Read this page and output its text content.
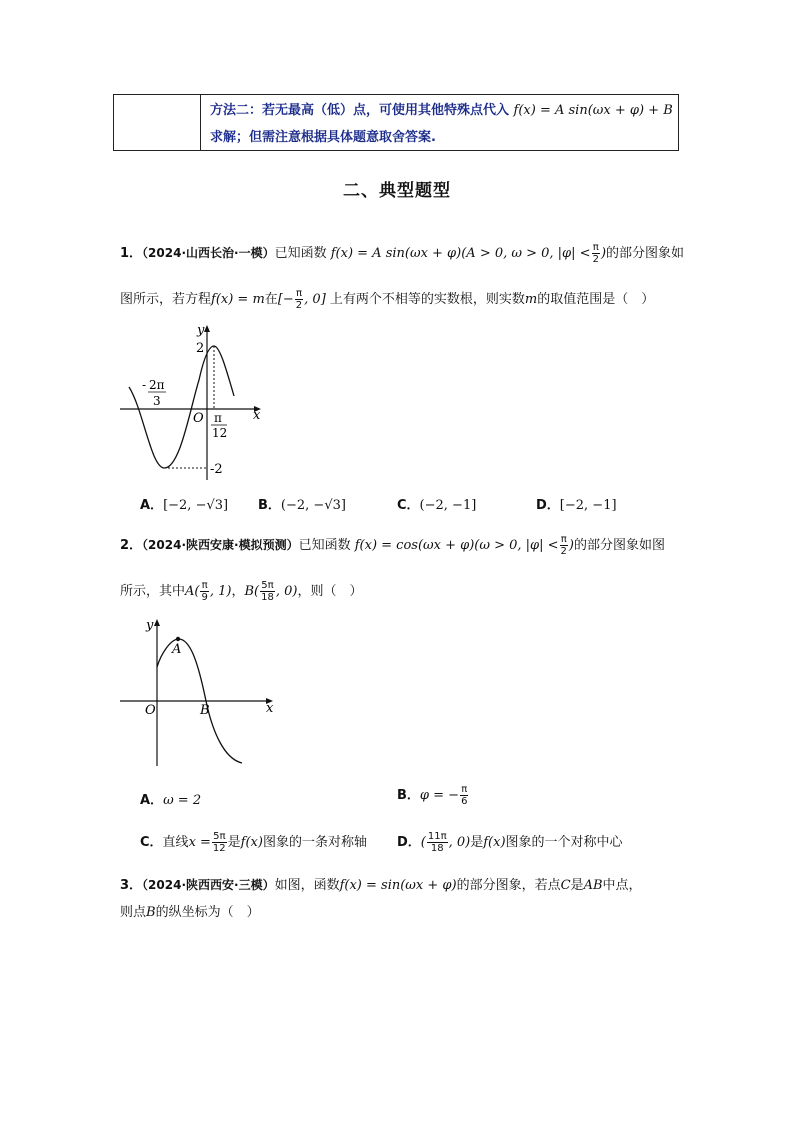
方法二：若无最高（低）点，可使用其他特殊点代入 f(x) = A sin(ωx + φ) + B
求解；但需注意根据具体题意取舍答案.
二、典型题型
1．（2024·山西长治·一模）已知函数 f(x) = A sin(ωx + φ)(A > 0, ω > 0, $|\varphi| < \frac{\pi}{2}$ )的部分图象如
图所示，若方程f(x) = m在[− $\frac{\pi}{2}$ , 0] 上有两个不相等的实数根，则实数m的取值范围是（　）
y
x
O
2
-2
- 2π
3
π
12
A．[−2, −√3] B．(−2, −√3]	C．(−2, −1]	D．[−2, −1]
2．（2024·陕西安康·模拟预测）已知函数 f(x) = cos(ωx + φ)(ω > 0, $|\varphi| < \frac{\pi}{2}$ )的部分图象如图
所示，其中$A( \frac{\pi}{9}$ , 1)，$B( \frac{5\pi}{18}$ , 0)，则（　）
y
x
O
A
B
A．ω = 2	B．φ = − $\frac{\pi}{6}$
C．直线$x = \frac{5\pi}{12}$ 是f(x)图象的一条对称轴 D．( $\frac{11\pi}{18}$ , 0)是f(x)图象的一个对称中心
3．（2024·陕西西安·三模）如图，函数f(x) = sin(ωx + φ)的部分图象，若点C是AB中点，
则点B的纵坐标为（　）
